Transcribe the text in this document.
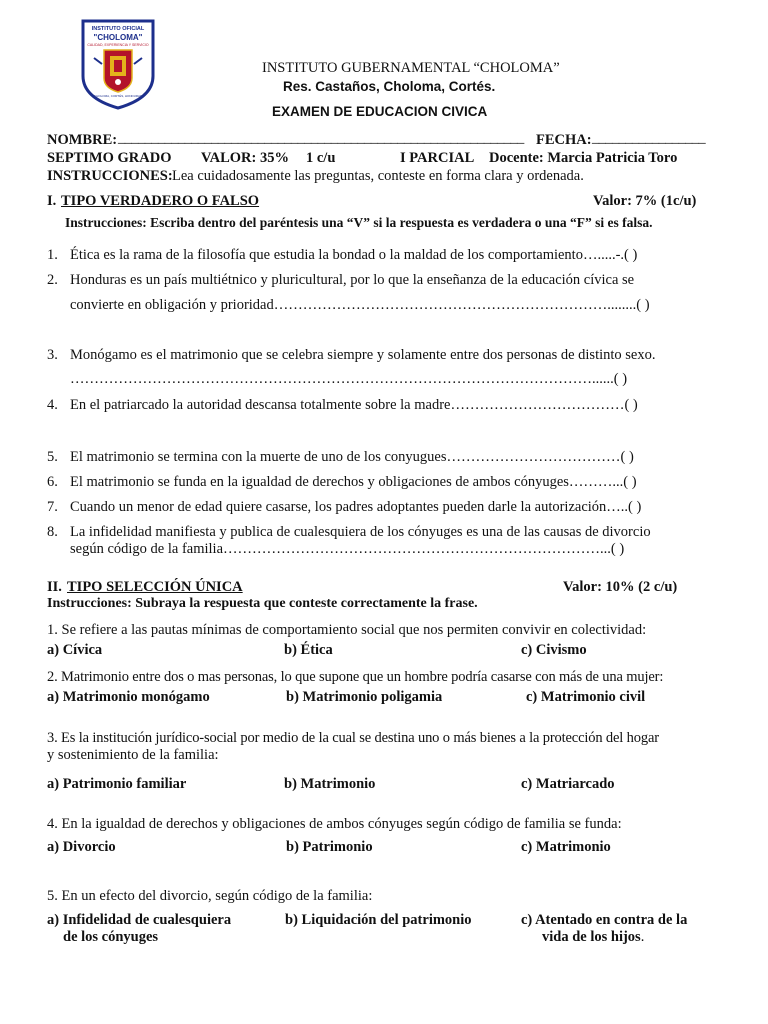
INSTITUTO OFICIAL
"CHOLOMA"
CALIDAD, EXPERIENCIA Y SERVICIO
CHOLOMA, CORTÉS, HONDURAS
INSTITUTO GUBERNAMENTAL “CHOLOMA”
Res. Castaños, Choloma, Cortés.
EXAMEN DE EDUCACION CIVICA
NOMBRE: _____________________________________________________________ FECHA: _________________
SEPTIMO GRADO VALOR: 35% 1 c/u	I PARCIAL Docente: Marcia Patricia Toro
INSTRUCCIONES: Lea cuidadosamente las preguntas, conteste en forma clara y ordenada.
I. TIPO VERDADERO O FALSO	Valor: 7% (1c/u)
Instrucciones: Escriba dentro del paréntesis una “V” si la respuesta es verdadera o una “F” si es falsa.
1. Ética es la rama de la filosofía que estudia la bondad o la maldad de los comportamiento….....-.( )
2. Honduras es un país multiétnico y pluricultural, por lo que la enseñanza de la educación cívica se
convierte en obligación y prioridad……………………………………………………………........( )
3. Monógamo es el matrimonio que se celebra siempre y solamente entre dos personas de distinto sexo.
………………………………………………………………………………………………......( )
4. En el patriarcado la autoridad descansa totalmente sobre la madre………………………………( )
5. El matrimonio se termina con la muerte de uno de los conyugues………………………………( )
6. El matrimonio se funda en la igualdad de derechos y obligaciones de ambos cónyuges………...( )
7. Cuando un menor de edad quiere casarse, los padres adoptantes pueden darle la autorización…..( )
8. La infidelidad manifiesta y publica de cualesquiera de los cónyuges es una de las causas de divorcio
según código de la familia……………………………………………………………………...( )
II. TIPO SELECCIÓN ÚNICA	Valor: 10% (2 c/u)
Instrucciones: Subraya la respuesta que conteste correctamente la frase.
1. Se refiere a las pautas mínimas de comportamiento social que nos permiten convivir en colectividad:
a) Cívica	b) Ética	c) Civismo
2. Matrimonio entre dos o mas personas, lo que supone que un hombre podría casarse con más de una mujer:
a) Matrimonio monógamo	b) Matrimonio poligamia	c) Matrimonio civil
3. Es la institución jurídico-social por medio de la cual se destina uno o más bienes a la protección del hogar
y sostenimiento de la familia:
a) Patrimonio familiar	b) Matrimonio	c) Matriarcado
4. En la igualdad de derechos y obligaciones de ambos cónyuges según código de familia se funda:
a) Divorcio	b) Patrimonio	c) Matrimonio
5. En un efecto del divorcio, según código de la familia:
a) Infidelidad de cualesquiera
de los cónyuges
b) Liquidación del patrimonio	c) Atentado en contra de la
vida de los hijos.
